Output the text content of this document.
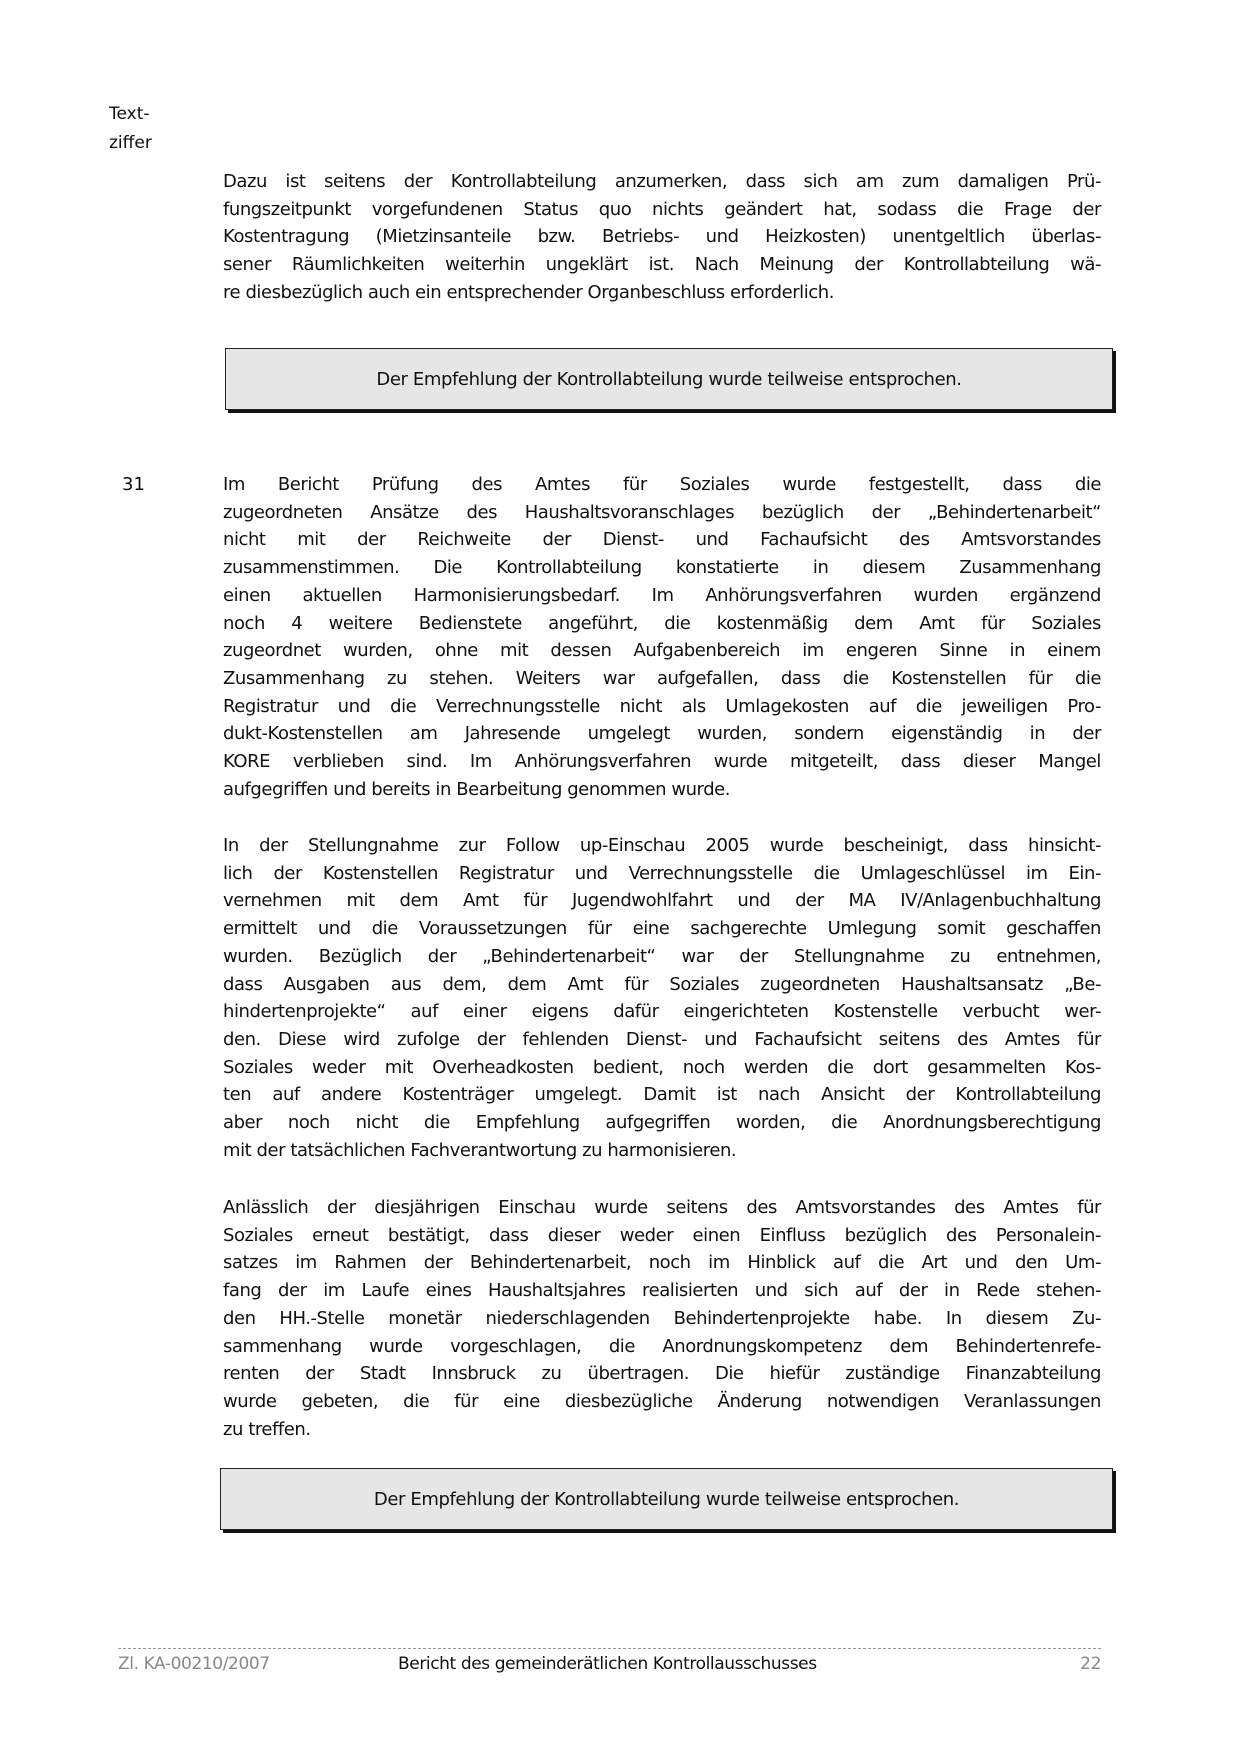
Text-
ziffer
Dazu ist seitens der Kontrollabteilung anzumerken, dass sich am zum damaligen Prü-
fungszeitpunkt vorgefundenen Status quo nichts geändert hat, sodass die Frage der
Kostentragung (Mietzinsanteile bzw. Betriebs- und Heizkosten) unentgeltlich überlas-
sener Räumlichkeiten weiterhin ungeklärt ist. Nach Meinung der Kontrollabteilung wä-
re diesbezüglich auch ein entsprechender Organbeschluss erforderlich.
Der Empfehlung der Kontrollabteilung wurde teilweise entsprochen.
31	Im Bericht Prüfung des Amtes für Soziales wurde festgestellt, dass die
zugeordneten Ansätze des Haushaltsvoranschlages bezüglich der „Behindertenarbeit“
nicht mit der Reichweite der Dienst- und Fachaufsicht des Amtsvorstandes
zusammenstimmen. Die Kontrollabteilung konstatierte in diesem Zusammenhang
einen aktuellen Harmonisierungsbedarf. Im Anhörungsverfahren wurden ergänzend
noch 4 weitere Bedienstete angeführt, die kostenmäßig dem Amt für Soziales
zugeordnet wurden, ohne mit dessen Aufgabenbereich im engeren Sinne in einem
Zusammenhang zu stehen. Weiters war aufgefallen, dass die Kostenstellen für die
Registratur und die Verrechnungsstelle nicht als Umlagekosten auf die jeweiligen Pro-
dukt-Kostenstellen am Jahresende umgelegt wurden, sondern eigenständig in der
KORE verblieben sind. Im Anhörungsverfahren wurde mitgeteilt, dass dieser Mangel
aufgegriffen und bereits in Bearbeitung genommen wurde.
In der Stellungnahme zur Follow up-Einschau 2005 wurde bescheinigt, dass hinsicht-
lich der Kostenstellen Registratur und Verrechnungsstelle die Umlageschlüssel im Ein-
vernehmen mit dem Amt für Jugendwohlfahrt und der MA IV/Anlagenbuchhaltung
ermittelt und die Voraussetzungen für eine sachgerechte Umlegung somit geschaffen
wurden. Bezüglich der „Behindertenarbeit“ war der Stellungnahme zu entnehmen,
dass Ausgaben aus dem, dem Amt für Soziales zugeordneten Haushaltsansatz „Be-
hindertenprojekte“ auf einer eigens dafür eingerichteten Kostenstelle verbucht wer-
den. Diese wird zufolge der fehlenden Dienst- und Fachaufsicht seitens des Amtes für
Soziales weder mit Overheadkosten bedient, noch werden die dort gesammelten Kos-
ten auf andere Kostenträger umgelegt. Damit ist nach Ansicht der Kontrollabteilung
aber noch nicht die Empfehlung aufgegriffen worden, die Anordnungsberechtigung
mit der tatsächlichen Fachverantwortung zu harmonisieren.
Anlässlich der diesjährigen Einschau wurde seitens des Amtsvorstandes des Amtes für
Soziales erneut bestätigt, dass dieser weder einen Einfluss bezüglich des Personalein-
satzes im Rahmen der Behindertenarbeit, noch im Hinblick auf die Art und den Um-
fang der im Laufe eines Haushaltsjahres realisierten und sich auf der in Rede stehen-
den HH.-Stelle monetär niederschlagenden Behindertenprojekte habe. In diesem Zu-
sammenhang wurde vorgeschlagen, die Anordnungskompetenz dem Behindertenrefe-
renten der Stadt Innsbruck zu übertragen. Die hiefür zuständige Finanzabteilung
wurde gebeten, die für eine diesbezügliche Änderung notwendigen Veranlassungen
zu treffen.
Der Empfehlung der Kontrollabteilung wurde teilweise entsprochen.
Zl. KA-00210/2007	Bericht des gemeinderätlichen Kontrollausschusses	22
